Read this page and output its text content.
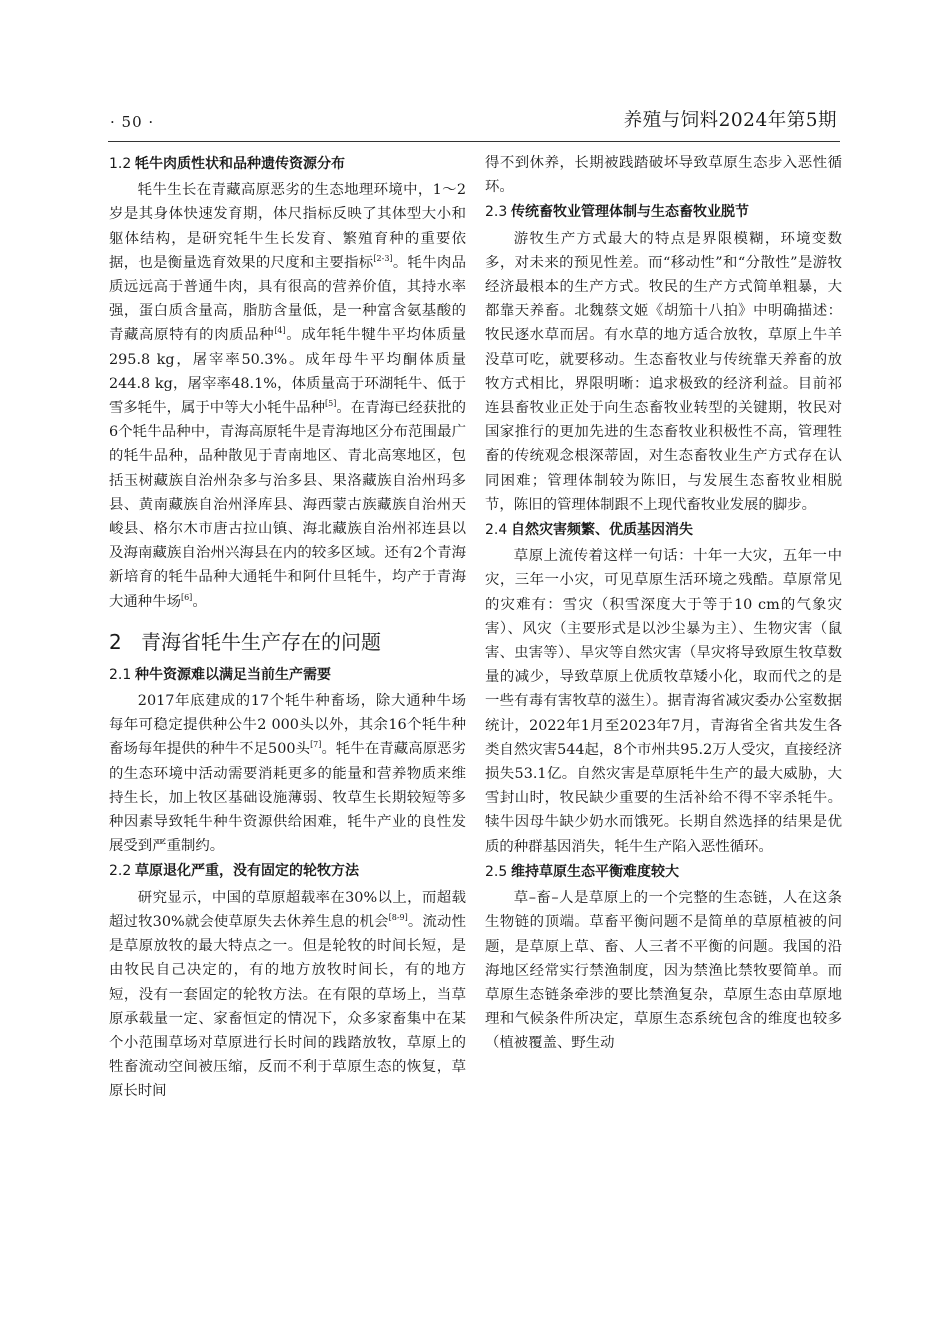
· 50 ·	养殖与饲料2024年第5期
1.2 牦牛肉质性状和品种遗传资源分布

牦牛生长在青藏高原恶劣的生态地理环境中，1～2岁是其身体快速发育期，体尺指标反映了其体型大小和躯体结构，是研究牦牛生长发育、繁殖育种的重要依据，也是衡量选育效果的尺度和主要指标[2-3]。牦牛肉品质远远高于普通牛肉，具有很高的营养价值，其持水率强，蛋白质含量高，脂肪含量低，是一种富含氨基酸的青藏高原特有的肉质品种[4]。成年牦牛犍牛平均体质量295.8 kg，屠宰率50.3%。成年母牛平均酮体质量244.8 kg，屠宰率48.1%，体质量高于环湖牦牛、低于雪多牦牛，属于中等大小牦牛品种[5]。在青海已经获批的6个牦牛品种中，青海高原牦牛是青海地区分布范围最广的牦牛品种，品种散见于青南地区、青北高寒地区，包括玉树藏族自治州杂多与治多县、果洛藏族自治州玛多县、黄南藏族自治州泽库县、海西蒙古族藏族自治州天峻县、格尔木市唐古拉山镇、海北藏族自治州祁连县以及海南藏族自治州兴海县在内的较多区域。还有2个青海新培育的牦牛品种大通牦牛和阿什旦牦牛，均产于青海大通种牛场[6]。

2 青海省牦牛生产存在的问题
2.1 种牛资源难以满足当前生产需要

2017年底建成的17个牦牛种畜场，除大通种牛场每年可稳定提供种公牛2 000头以外，其余16个牦牛种畜场每年提供的种牛不足500头[7]。牦牛在青藏高原恶劣的生态环境中活动需要消耗更多的能量和营养物质来维持生长，加上牧区基础设施薄弱、牧草生长期较短等多种因素导致牦牛种牛资源供给困难，牦牛产业的良性发展受到严重制约。

2.2 草原退化严重，没有固定的轮牧方法

研究显示，中国的草原超载率在30%以上，而超载超过牧30%就会使草原失去休养生息的机会[8-9]。流动性是草原放牧的最大特点之一。但是轮牧的时间长短，是由牧民自己决定的，有的地方放牧时间长，有的地方短，没有一套固定的轮牧方法。在有限的草场上，当草原承载量一定、家畜恒定的情况下，众多家畜集中在某个小范围草场对草原进行长时间的践踏放牧，草原上的牲畜流动空间被压缩，反而不利于草原生态的恢复，草原长时间

得不到休养，长期被践踏破坏导致草原生态步入恶性循环。

2.3 传统畜牧业管理体制与生态畜牧业脱节

游牧生产方式最大的特点是界限模糊，环境变数多，对未来的预见性差。而“移动性”和“分散性”是游牧经济最根本的生产方式。牧民的生产方式简单粗暴，大都靠天养畜。北魏蔡文姬《胡笳十八拍》中明确描述：牧民逐水草而居。有水草的地方适合放牧，草原上牛羊没草可吃，就要移动。生态畜牧业与传统靠天养畜的放牧方式相比，界限明晰：追求极致的经济利益。目前祁连县畜牧业正处于向生态畜牧业转型的关键期，牧民对国家推行的更加先进的生态畜牧业积极性不高，管理牲畜的传统观念根深蒂固，对生态畜牧业生产方式存在认同困难；管理体制较为陈旧，与发展生态畜牧业相脱节，陈旧的管理体制跟不上现代畜牧业发展的脚步。

2.4 自然灾害频繁、优质基因消失

草原上流传着这样一句话：十年一大灾，五年一中灾，三年一小灾，可见草原生活环境之残酷。草原常见的灾难有：雪灾（积雪深度大于等于10 cm的气象灾害）、风灾（主要形式是以沙尘暴为主）、生物灾害（鼠害、虫害等）、旱灾等自然灾害（旱灾将导致原生牧草数量的减少，导致草原上优质牧草矮小化，取而代之的是一些有毒有害牧草的滋生）。据青海省减灾委办公室数据统计，2022年1月至2023年7月，青海省全省共发生各类自然灾害544起，8个市州共95.2万人受灾，直接经济损失53.1亿。自然灾害是草原牦牛生产的最大威胁，大雪封山时，牧民缺少重要的生活补给不得不宰杀牦牛。犊牛因母牛缺少奶水而饿死。长期自然选择的结果是优质的种群基因消失，牦牛生产陷入恶性循环。

2.5 维持草原生态平衡难度较大

草–畜–人是草原上的一个完整的生态链，人在这条生物链的顶端。草畜平衡问题不是简单的草原植被的问题，是草原上草、畜、人三者不平衡的问题。我国的沿海地区经常实行禁渔制度，因为禁渔比禁牧要简单。而草原生态链条牵涉的要比禁渔复杂，草原生态由草原地理和气候条件所决定，草原生态系统包含的维度也较多（植被覆盖、野生动
